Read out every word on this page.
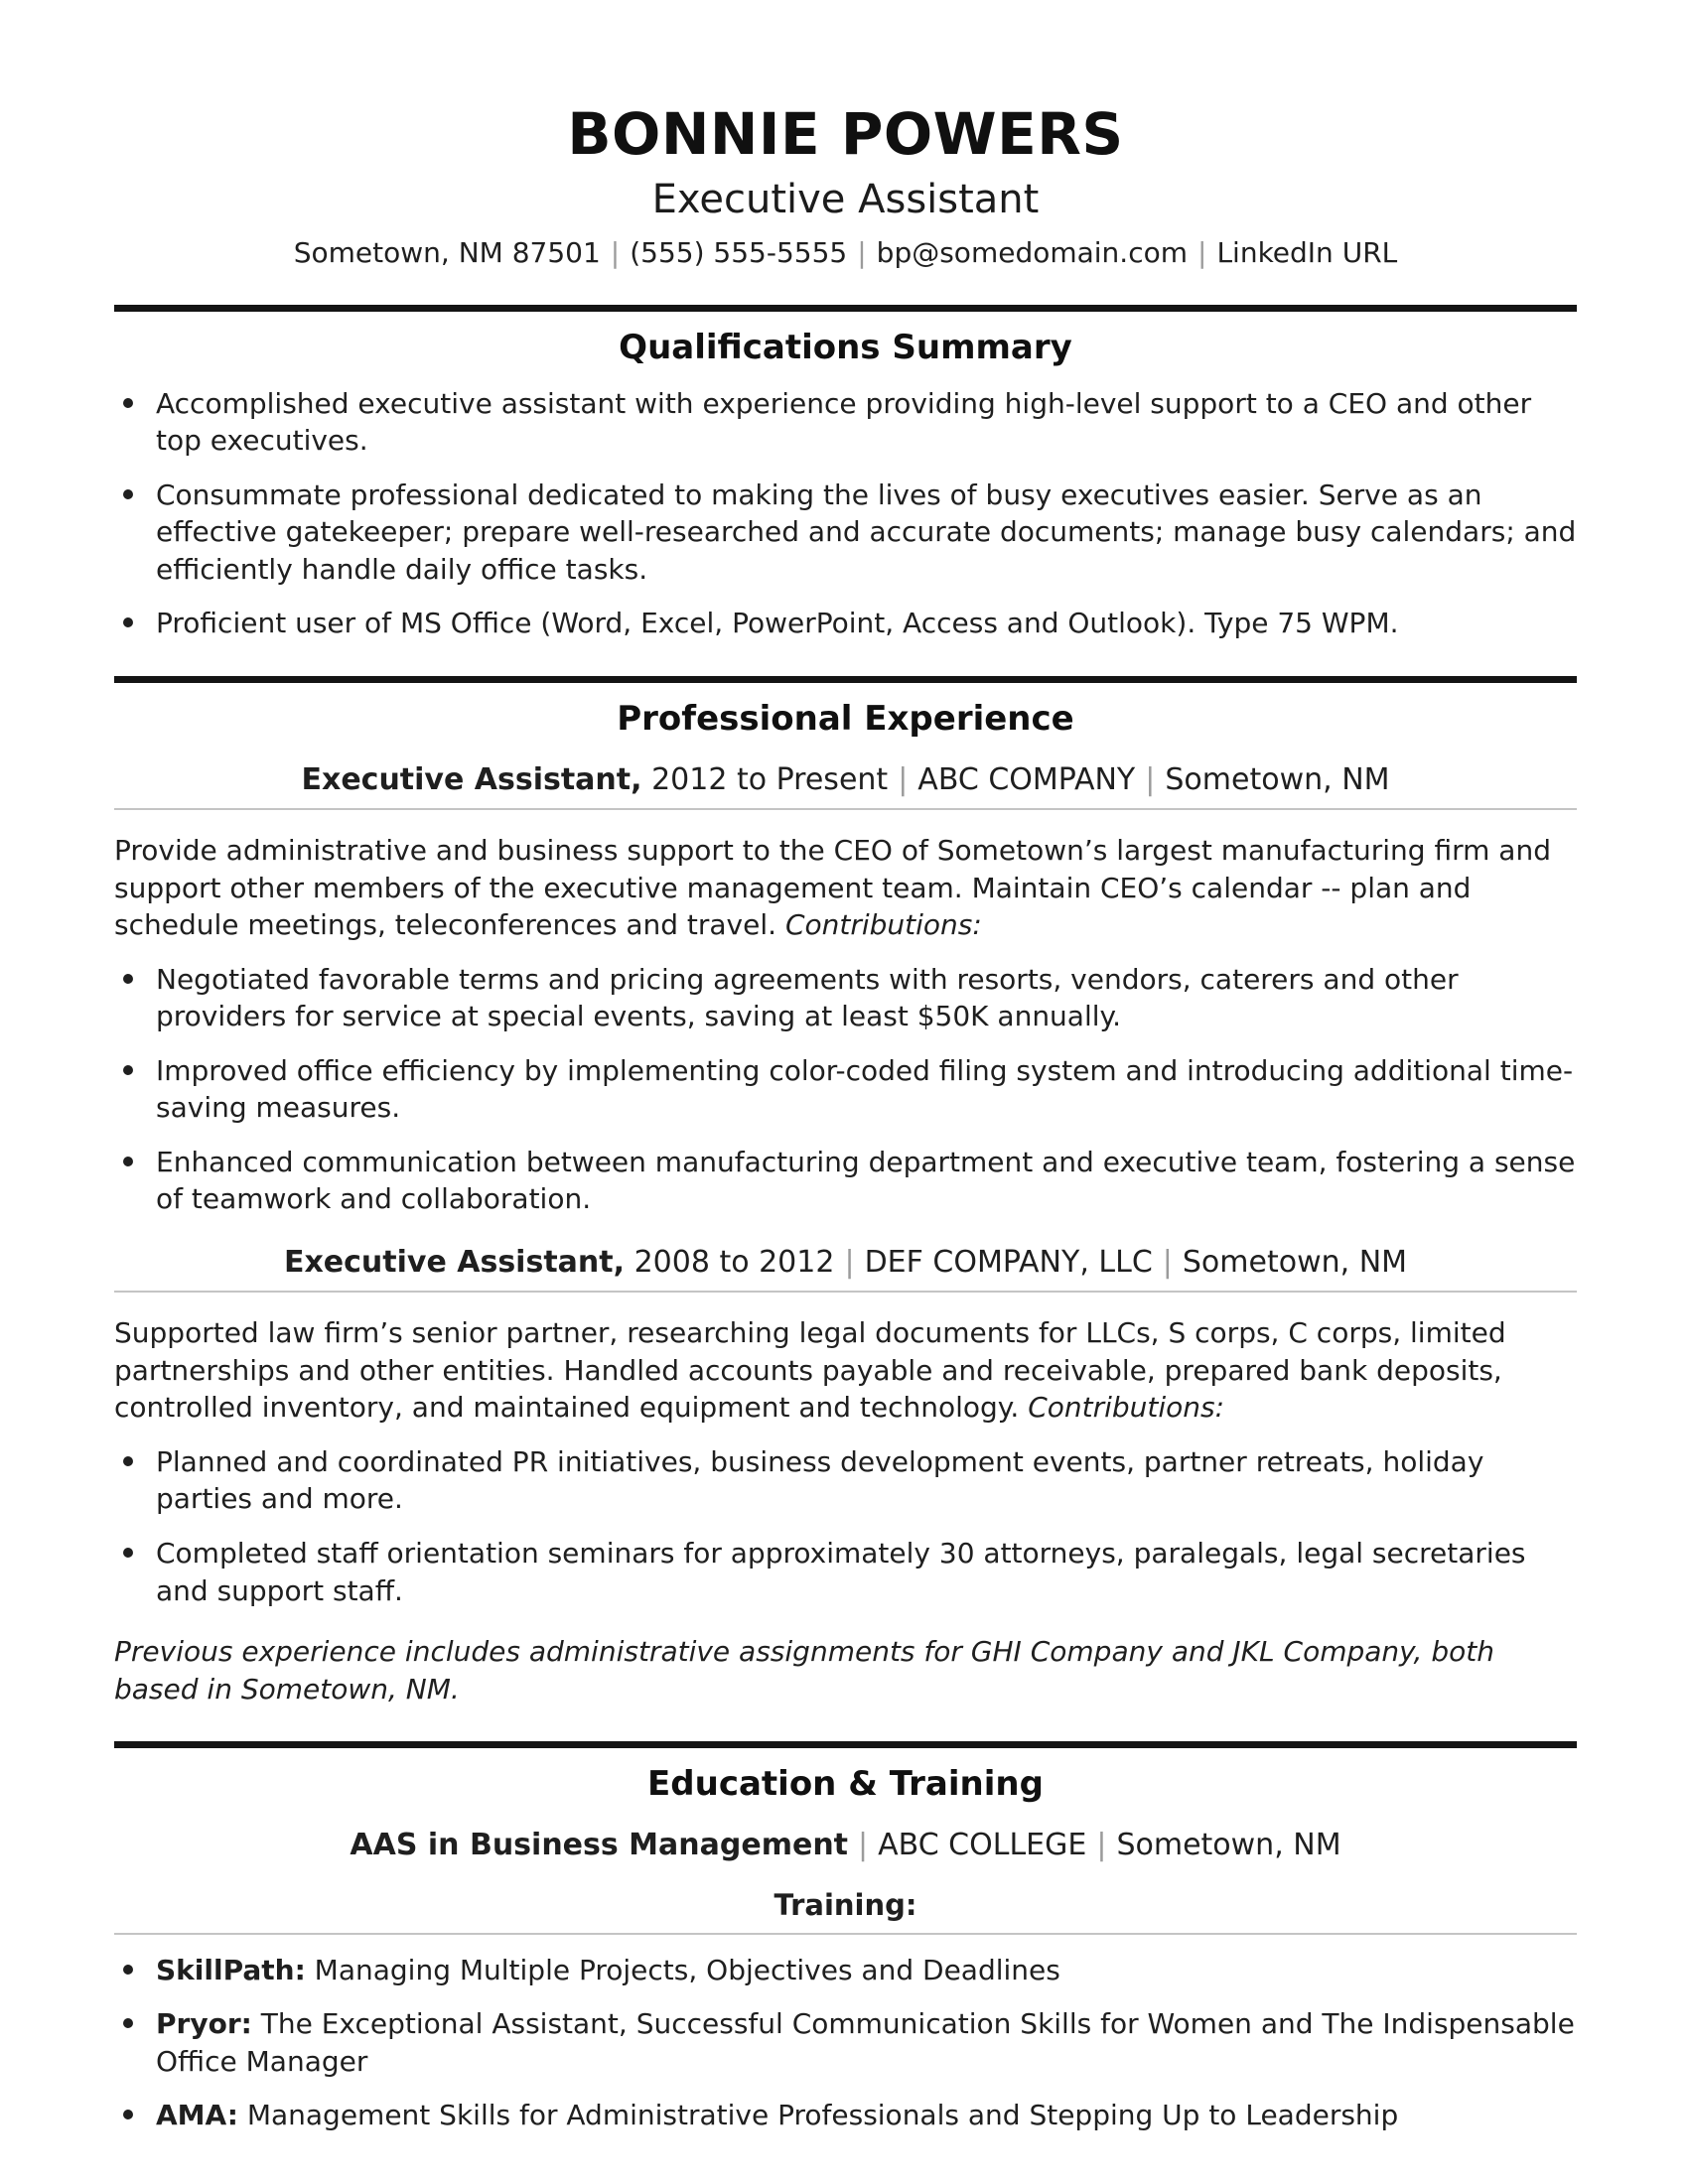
BONNIE POWERS
Executive Assistant
Sometown, NM 87501 | (555) 555-5555 | bp@somedomain.com | LinkedIn URL
Qualifications Summary
Accomplished executive assistant with experience providing high-level support to a CEO and other top executives.
Consummate professional dedicated to making the lives of busy executives easier. Serve as an effective gatekeeper; prepare well-researched and accurate documents; manage busy calendars; and efficiently handle daily office tasks.
Proficient user of MS Office (Word, Excel, PowerPoint, Access and Outlook). Type 75 WPM.
Professional Experience
Executive Assistant, 2012 to Present | ABC COMPANY | Sometown, NM
Provide administrative and business support to the CEO of Sometown’s largest manufacturing firm and support other members of the executive management team. Maintain CEO’s calendar -- plan and schedule meetings, teleconferences and travel. Contributions:
Negotiated favorable terms and pricing agreements with resorts, vendors, caterers and other providers for service at special events, saving at least $50K annually.
Improved office efficiency by implementing color-coded filing system and introducing additional time-saving measures.
Enhanced communication between manufacturing department and executive team, fostering a sense of teamwork and collaboration.
Executive Assistant, 2008 to 2012 | DEF COMPANY, LLC | Sometown, NM
Supported law firm’s senior partner, researching legal documents for LLCs, S corps, C corps, limited partnerships and other entities. Handled accounts payable and receivable, prepared bank deposits, controlled inventory, and maintained equipment and technology. Contributions:
Planned and coordinated PR initiatives, business development events, partner retreats, holiday parties and more.
Completed staff orientation seminars for approximately 30 attorneys, paralegals, legal secretaries and support staff.
Previous experience includes administrative assignments for GHI Company and JKL Company, both based in Sometown, NM.
Education & Training
AAS in Business Management | ABC COLLEGE | Sometown, NM
Training:
SkillPath: Managing Multiple Projects, Objectives and Deadlines
Pryor: The Exceptional Assistant, Successful Communication Skills for Women and The Indispensable Office Manager
AMA: Management Skills for Administrative Professionals and Stepping Up to Leadership
